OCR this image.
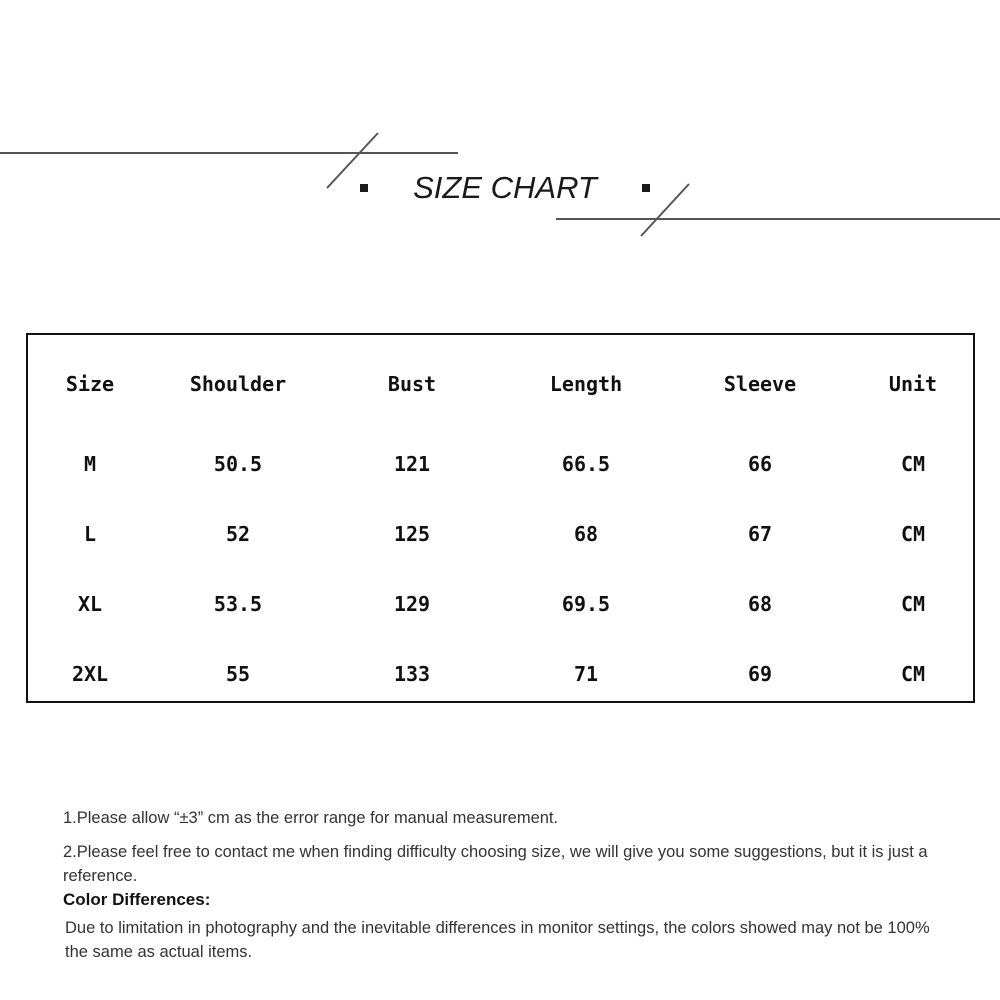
SIZE CHART
Size	Shoulder	Bust	Length	Sleeve	Unit
M	50.5	121	66.5	66	CM
L	52	125	68	67	CM
XL	53.5	129	69.5	68	CM
2XL	55	133	71	69	CM

1.Please allow “±3” cm as the error range for manual measurement.

2.Please feel free to contact me when finding difficulty choosing size, we will give you some suggestions, but it is just a reference.

Color Differences:

Due to limitation in photography and the inevitable differences in monitor settings, the colors showed may not be 100% the same as actual items.
